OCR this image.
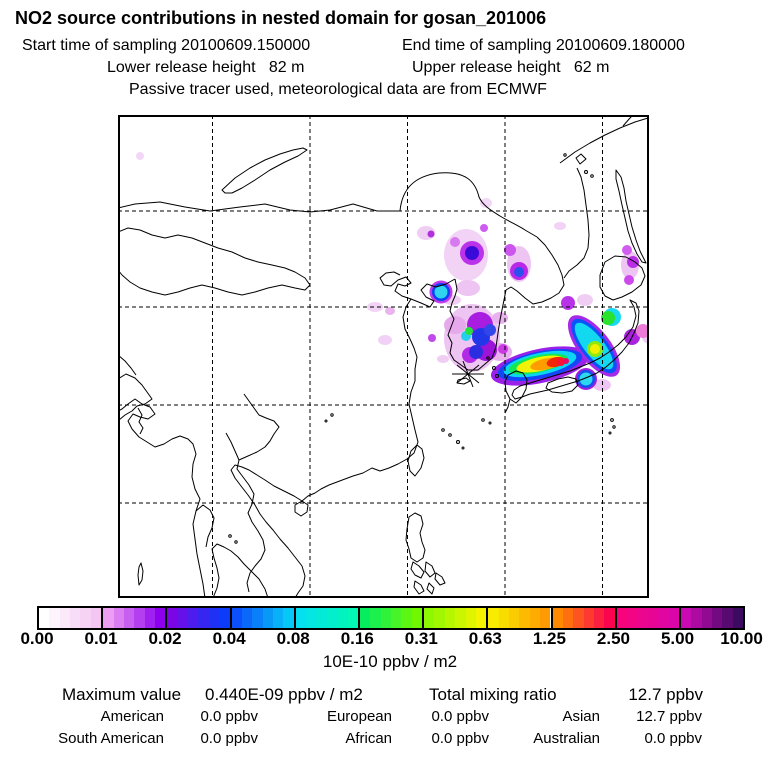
NO2 source contributions in nested domain for gosan_201006
Start time of sampling 20100609.150000	End time of sampling 20100609.180000
Lower release height   82 m	Upper release height   62 m
Passive tracer used, meteorological data are from ECMWF
0.00 0.01 0.02 0.04 0.08 0.16 0.31 0.63 1.25 2.50 5.00 10.00
10E-10 ppbv / m2
Maximum value 0.440E-09 ppbv / m2	Total mixing ratio	12.7 ppbv
American 0.0 ppbv	European	0.0 ppbv	Asian 12.7 ppbv
South American 0.0 ppbv	African	0.0 ppbv	Australian	0.0 ppbv
